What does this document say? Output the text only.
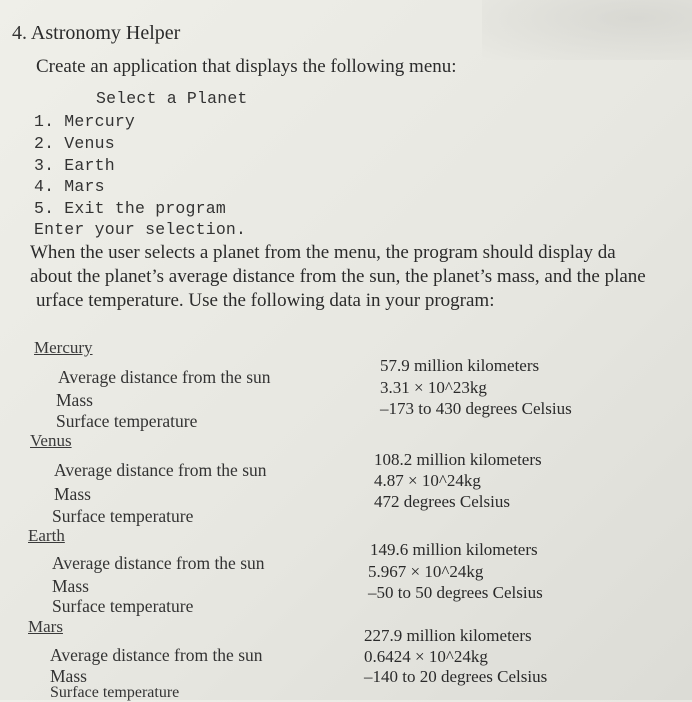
4. Astronomy Helper
Create an application that displays the following menu:
Select a Planet
1. Mercury
2. Venus
3. Earth
4. Mars
5. Exit the program
Enter your selection.
When the user selects a planet from the menu, the program should display da
about the planet’s average distance from the sun, the planet’s mass, and the plane
urface temperature. Use the following data in your program:
Mercury
Average distance from the sun
Mass
Surface temperature
57.9 million kilometers
3.31 × 10^23kg
–173 to 430 degrees Celsius
Venus
Average distance from the sun
Mass
Surface temperature
108.2 million kilometers
4.87 × 10^24kg
472 degrees Celsius
Earth
Average distance from the sun
Mass
Surface temperature
149.6 million kilometers
5.967 × 10^24kg
–50 to 50 degrees Celsius
Mars
Average distance from the sun
Mass
Surface temperature
227.9 million kilometers
0.6424 × 10^24kg
–140 to 20 degrees Celsius
